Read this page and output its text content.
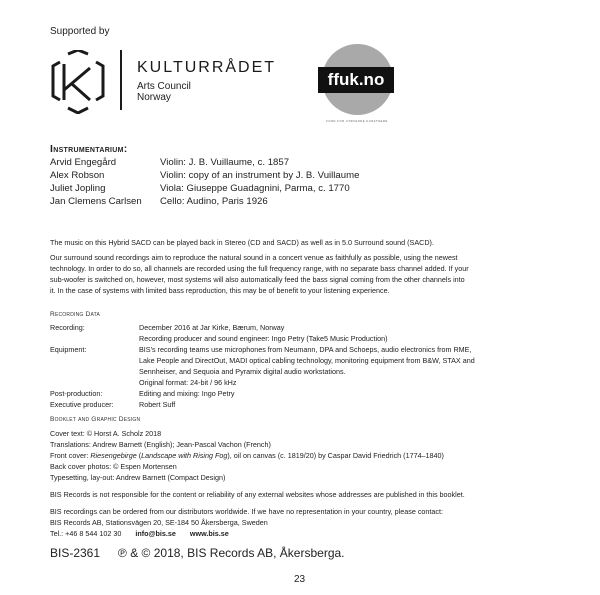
Supported by
KULTURRÅDET
Arts Council
Norway
ffuk.no
FOND FOR UTØVENDE KUNSTNERE
Instrumentarium:
Arvid Engegård	Violin: J. B. Vuillaume, c. 1857
Alex Robson	Violin: copy of an instrument by J. B. Vuillaume
Juliet Jopling	Viola: Giuseppe Guadagnini, Parma, c. 1770
Jan Clemens Carlsen Cello: Audino, Paris 1926
The music on this Hybrid SACD can be played back in Stereo (CD and SACD) as well as in 5.0 Surround sound (SACD).
Our surround sound recordings aim to reproduce the natural sound in a concert venue as faithfully as possible, using the newest
technology. In order to do so, all channels are recorded using the full frequency range, with no separate bass channel added. If your
sub-woofer is switched on, however, most systems will also automatically feed the bass signal coming from the other channels into
it. In the case of systems with limited bass reproduction, this may be of benefit to your listening experience.
Recording Data
Recording:	December 2016 at Jar Kirke, Bærum, Norway
Recording producer and sound engineer: Ingo Petry (Take5 Music Production)
Equipment:	BIS's recording teams use microphones from Neumann, DPA and Schoeps, audio electronics from RME,
Lake People and DirectOut, MADI optical cabling technology, monitoring equipment from B&W, STAX and
Sennheiser, and Sequoia and Pyramix digital audio workstations.
Original format: 24-bit / 96 kHz
Post-production:	Editing and mixing: Ingo Petry
Executive producer:	Robert Suff
Booklet and Graphic Design
Cover text: © Horst A. Scholz 2018
Translations: Andrew Barnett (English); Jean-Pascal Vachon (French)
Front cover: Riesengebirge (Landscape with Rising Fog), oil on canvas (c. 1819/20) by Caspar David Friedrich (1774–1840)
Back cover photos: © Espen Mortensen
Typesetting, lay-out: Andrew Barnett (Compact Design)
BIS Records is not responsible for the content or reliability of any external websites whose addresses are published in this booklet.
BIS recordings can be ordered from our distributors worldwide. If we have no representation in your country, please contact:
BIS Records AB, Stationsvägen 20, SE-184 50 Åkersberga, Sweden
Tel.: +46 8 544 102 30 info@bis.se www.bis.se
BIS-2361 ℗ & © 2018, BIS Records AB, Åkersberga.
23
